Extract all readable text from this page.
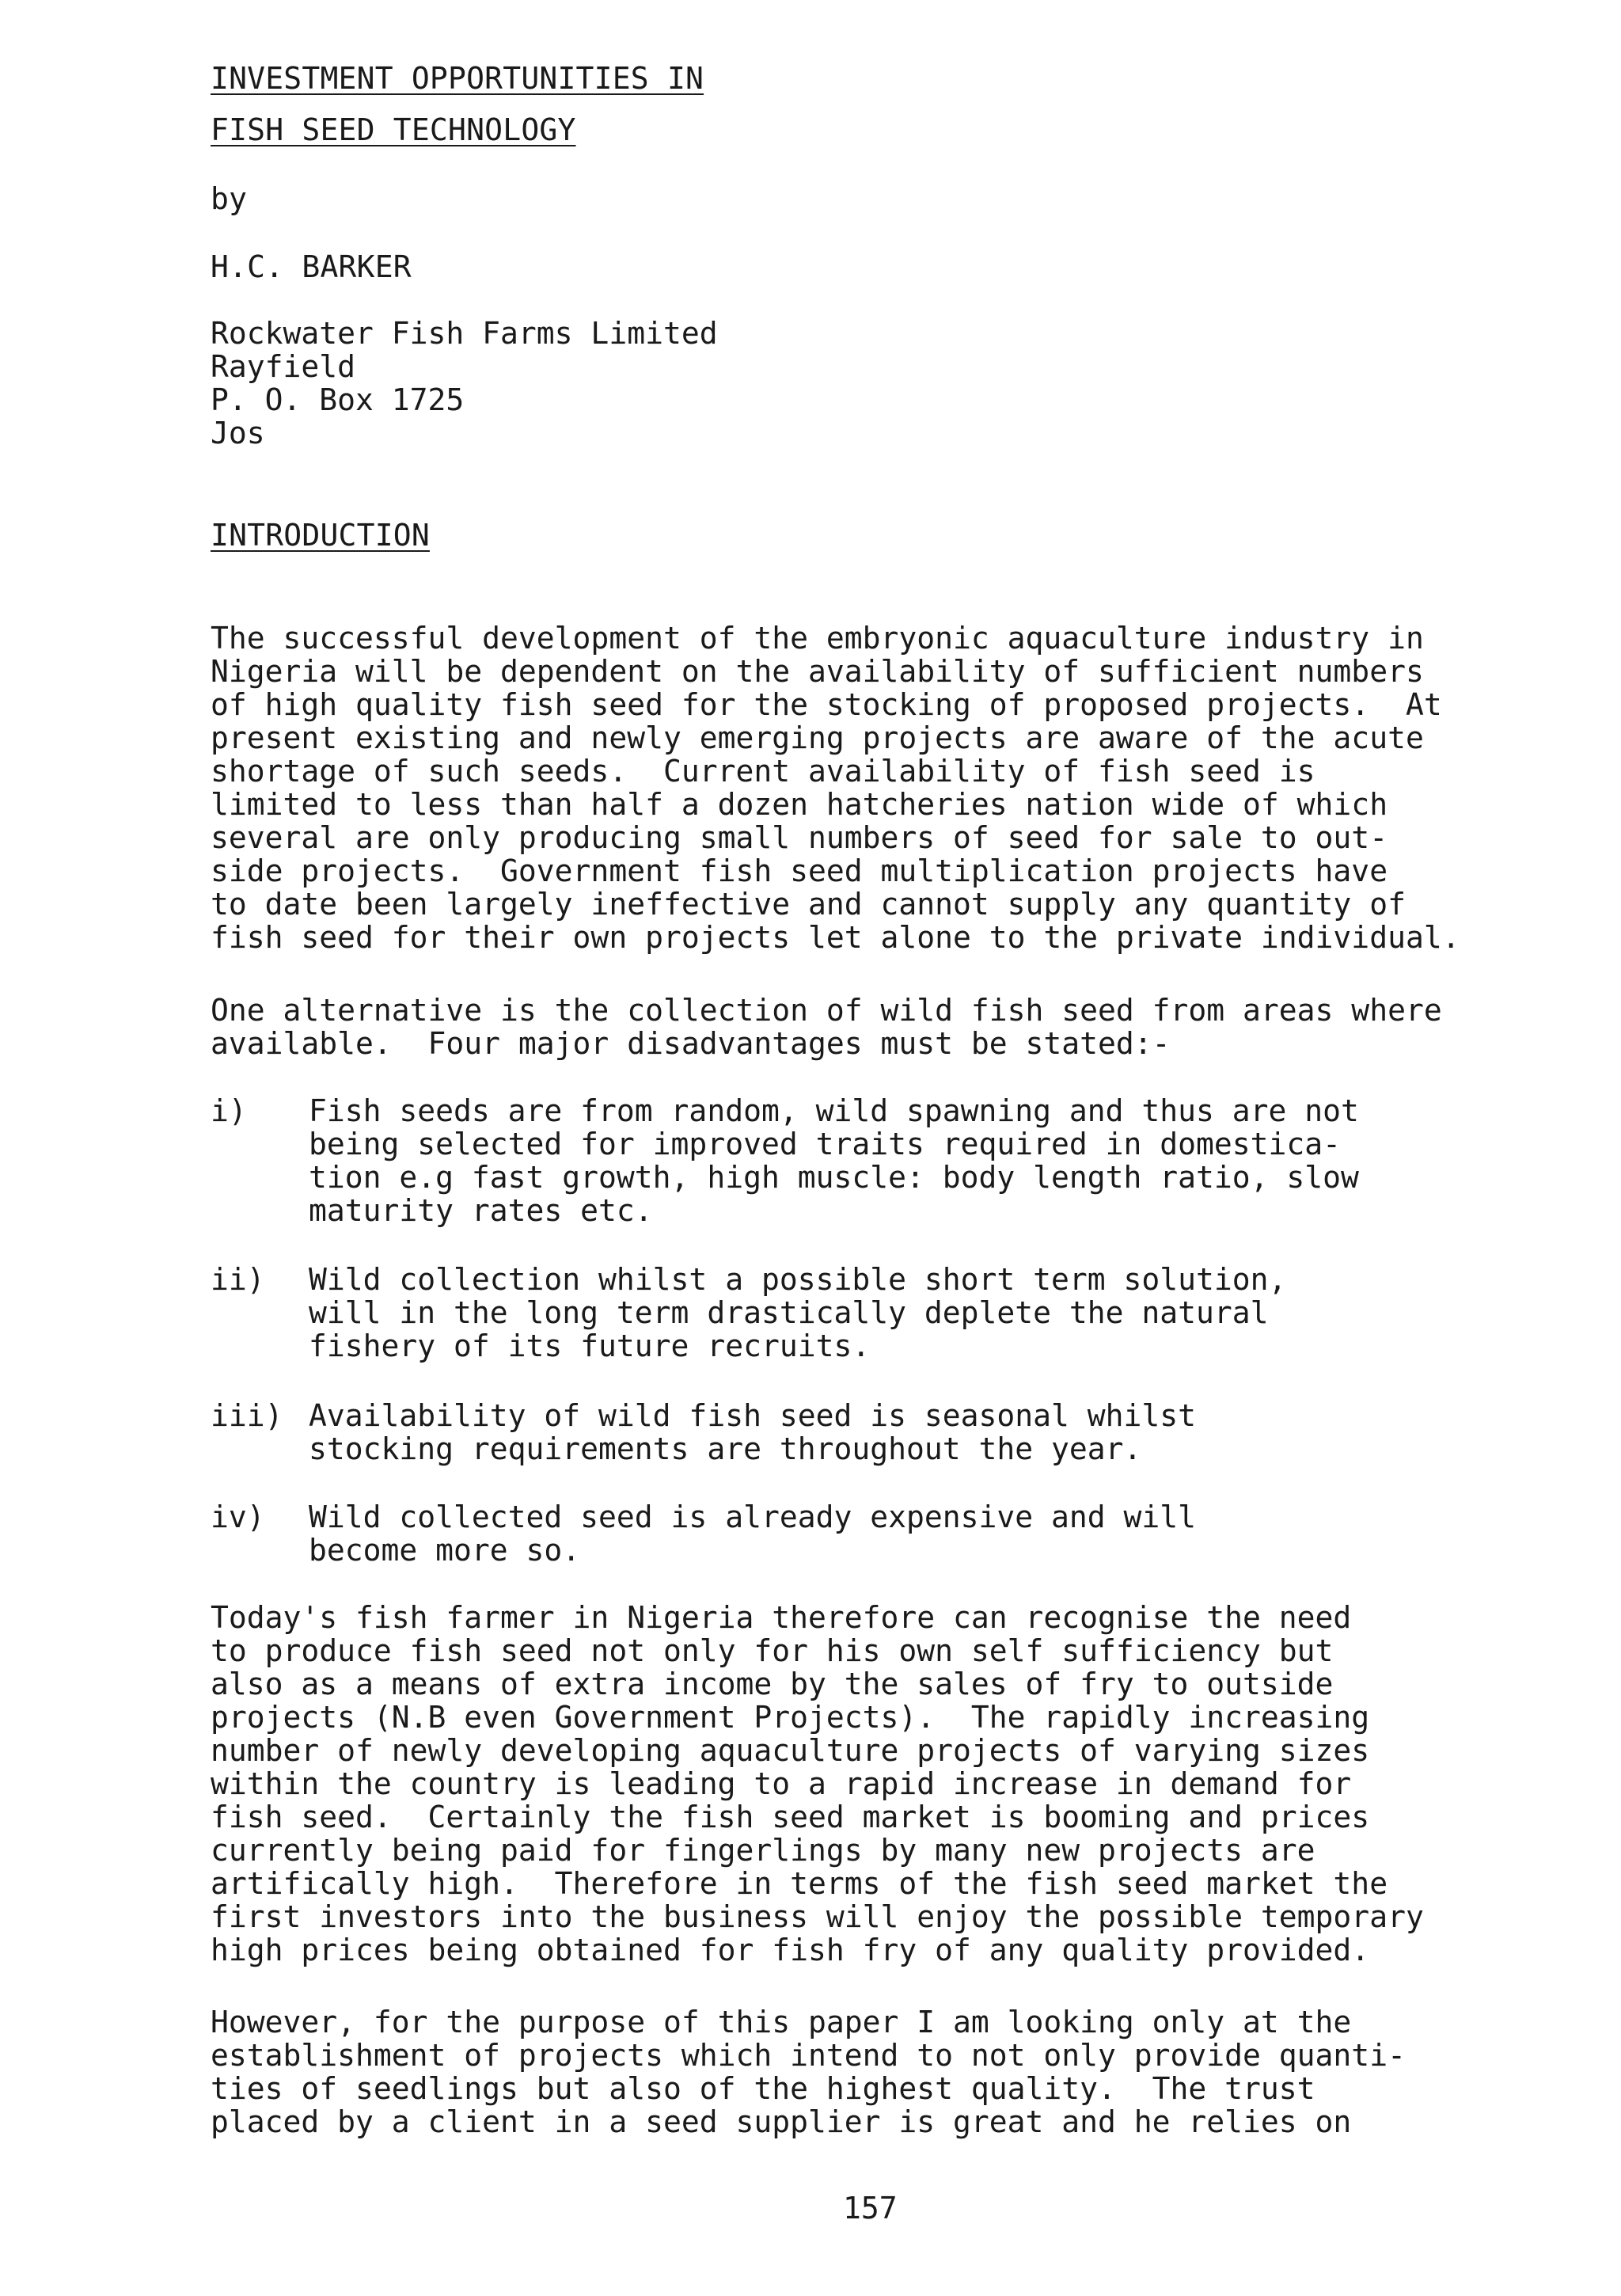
INVESTMENT OPPORTUNITIES IN
FISH SEED TECHNOLOGY
by
H.C. BARKER
Rockwater Fish Farms Limited
Rayfield
P. O. Box 1725
Jos
INTRODUCTION
The successful development of the embryonic aquaculture industry in
Nigeria will be dependent on the availability of sufficient numbers
of high quality fish seed for the stocking of proposed projects.  At
present existing and newly emerging projects are aware of the acute
shortage of such seeds.  Current availability of fish seed is
limited to less than half a dozen hatcheries nation wide of which
several are only producing small numbers of seed for sale to out-
side projects.  Government fish seed multiplication projects have
to date been largely ineffective and cannot supply any quantity of
fish seed for their own projects let alone to the private individual.
One alternative is the collection of wild fish seed from areas where
available.  Four major disadvantages must be stated:-
i) Fish seeds are from random, wild spawning and thus are not
being selected for improved traits required in domestica-
tion e.g fast growth, high muscle: body length ratio, slow
maturity rates etc.
ii) Wild collection whilst a possible short term solution,
will in the long term drastically deplete the natural
fishery of its future recruits.
iii) Availability of wild fish seed is seasonal whilst
stocking requirements are throughout the year.
iv) Wild collected seed is already expensive and will
become more so.
Today's fish farmer in Nigeria therefore can recognise the need
to produce fish seed not only for his own self sufficiency but
also as a means of extra income by the sales of fry to outside
projects (N.B even Government Projects).  The rapidly increasing
number of newly developing aquaculture projects of varying sizes
within the country is leading to a rapid increase in demand for
fish seed.  Certainly the fish seed market is booming and prices
currently being paid for fingerlings by many new projects are
artifically high.  Therefore in terms of the fish seed market the
first investors into the business will enjoy the possible temporary
high prices being obtained for fish fry of any quality provided.
However, for the purpose of this paper I am looking only at the
establishment of projects which intend to not only provide quanti-
ties of seedlings but also of the highest quality.  The trust
placed by a client in a seed supplier is great and he relies on
157
